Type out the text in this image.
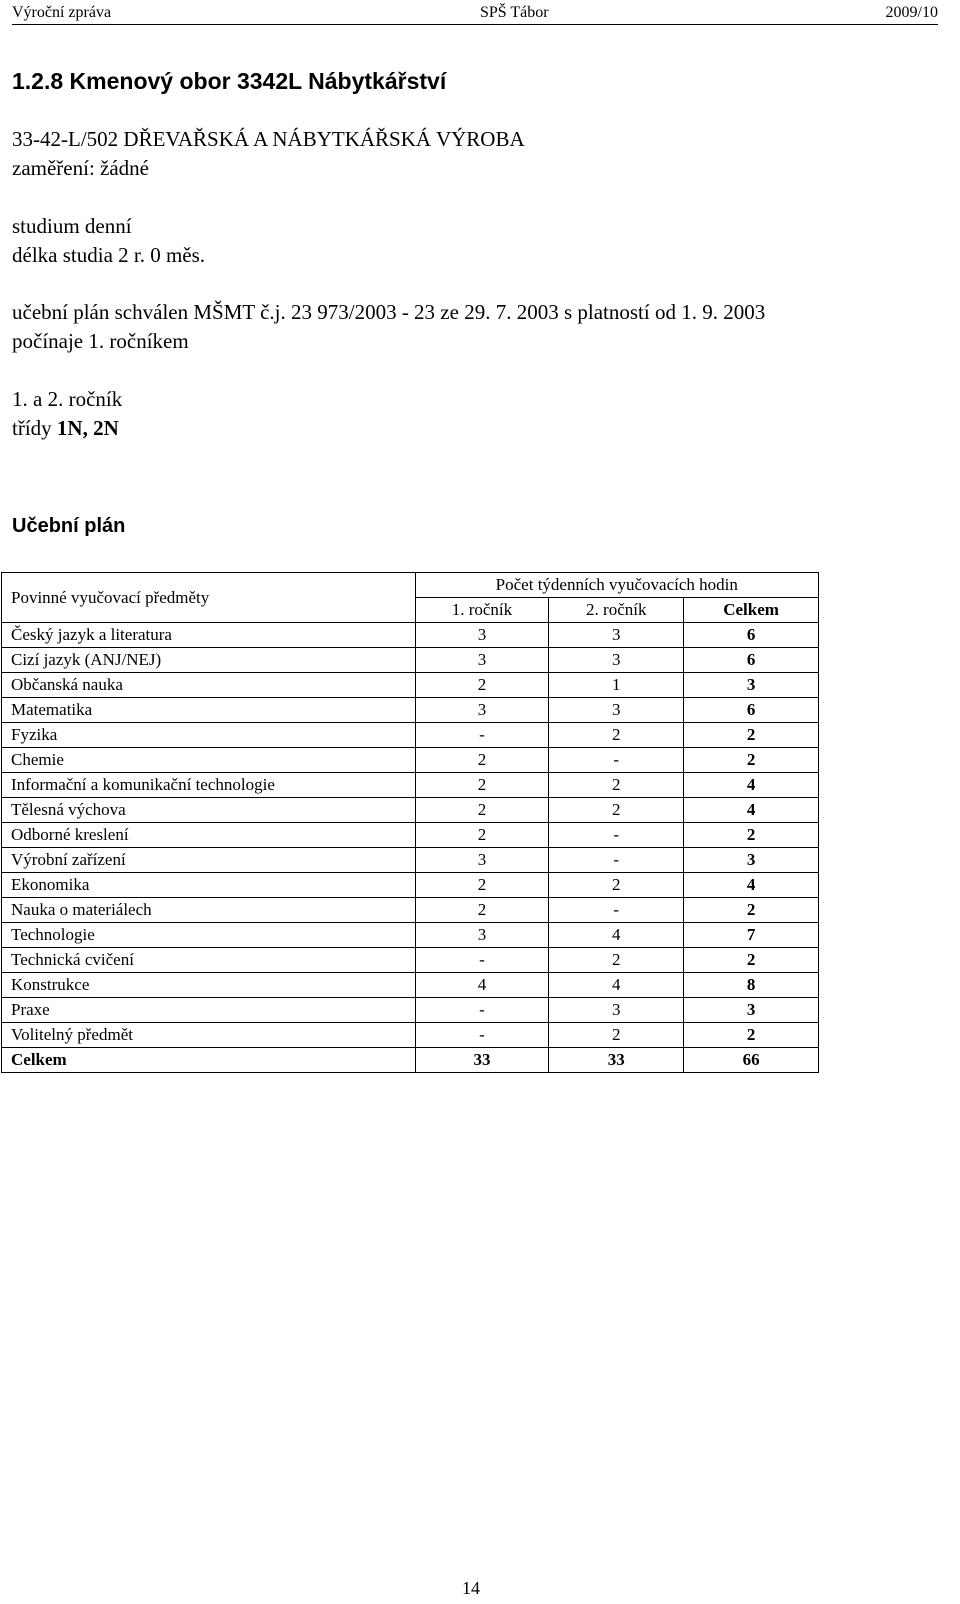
Výroční zpráva	SPŠ Tábor	2009/10
1.2.8 Kmenový obor 3342L Nábytkářství
33-42-L/502 DŘEVAŘSKÁ A NÁBYTKÁŘSKÁ VÝROBA
zaměření: žádné
studium denní
délka studia 2 r. 0 měs.
učební plán schválen MŠMT č.j. 23 973/2003 - 23 ze 29. 7. 2003 s platností od 1. 9. 2003
počínaje 1. ročníkem
1. a 2. ročník
třídy 1N, 2N
Učební plán
Povinné vyučovací předměty	Počet týdenních vyučovacích hodin		
	1. ročník	2. ročník	Celkem
Český jazyk a literatura	3	3	6
Cizí jazyk (ANJ/NEJ)	3	3	6
Občanská nauka	2	1	3
Matematika	3	3	6
Fyzika	-	2	2
Chemie	2	-	2
Informační a komunikační technologie	2	2	4
Tělesná výchova	2	2	4
Odborné kreslení	2	-	2
Výrobní zařízení	3	-	3
Ekonomika	2	2	4
Nauka o materiálech	2	-	2
Technologie	3	4	7
Technická cvičení	-	2	2
Konstrukce	4	4	8
Praxe	-	3	3
Volitelný předmět	-	2	2
Celkem	33	33	66
14
